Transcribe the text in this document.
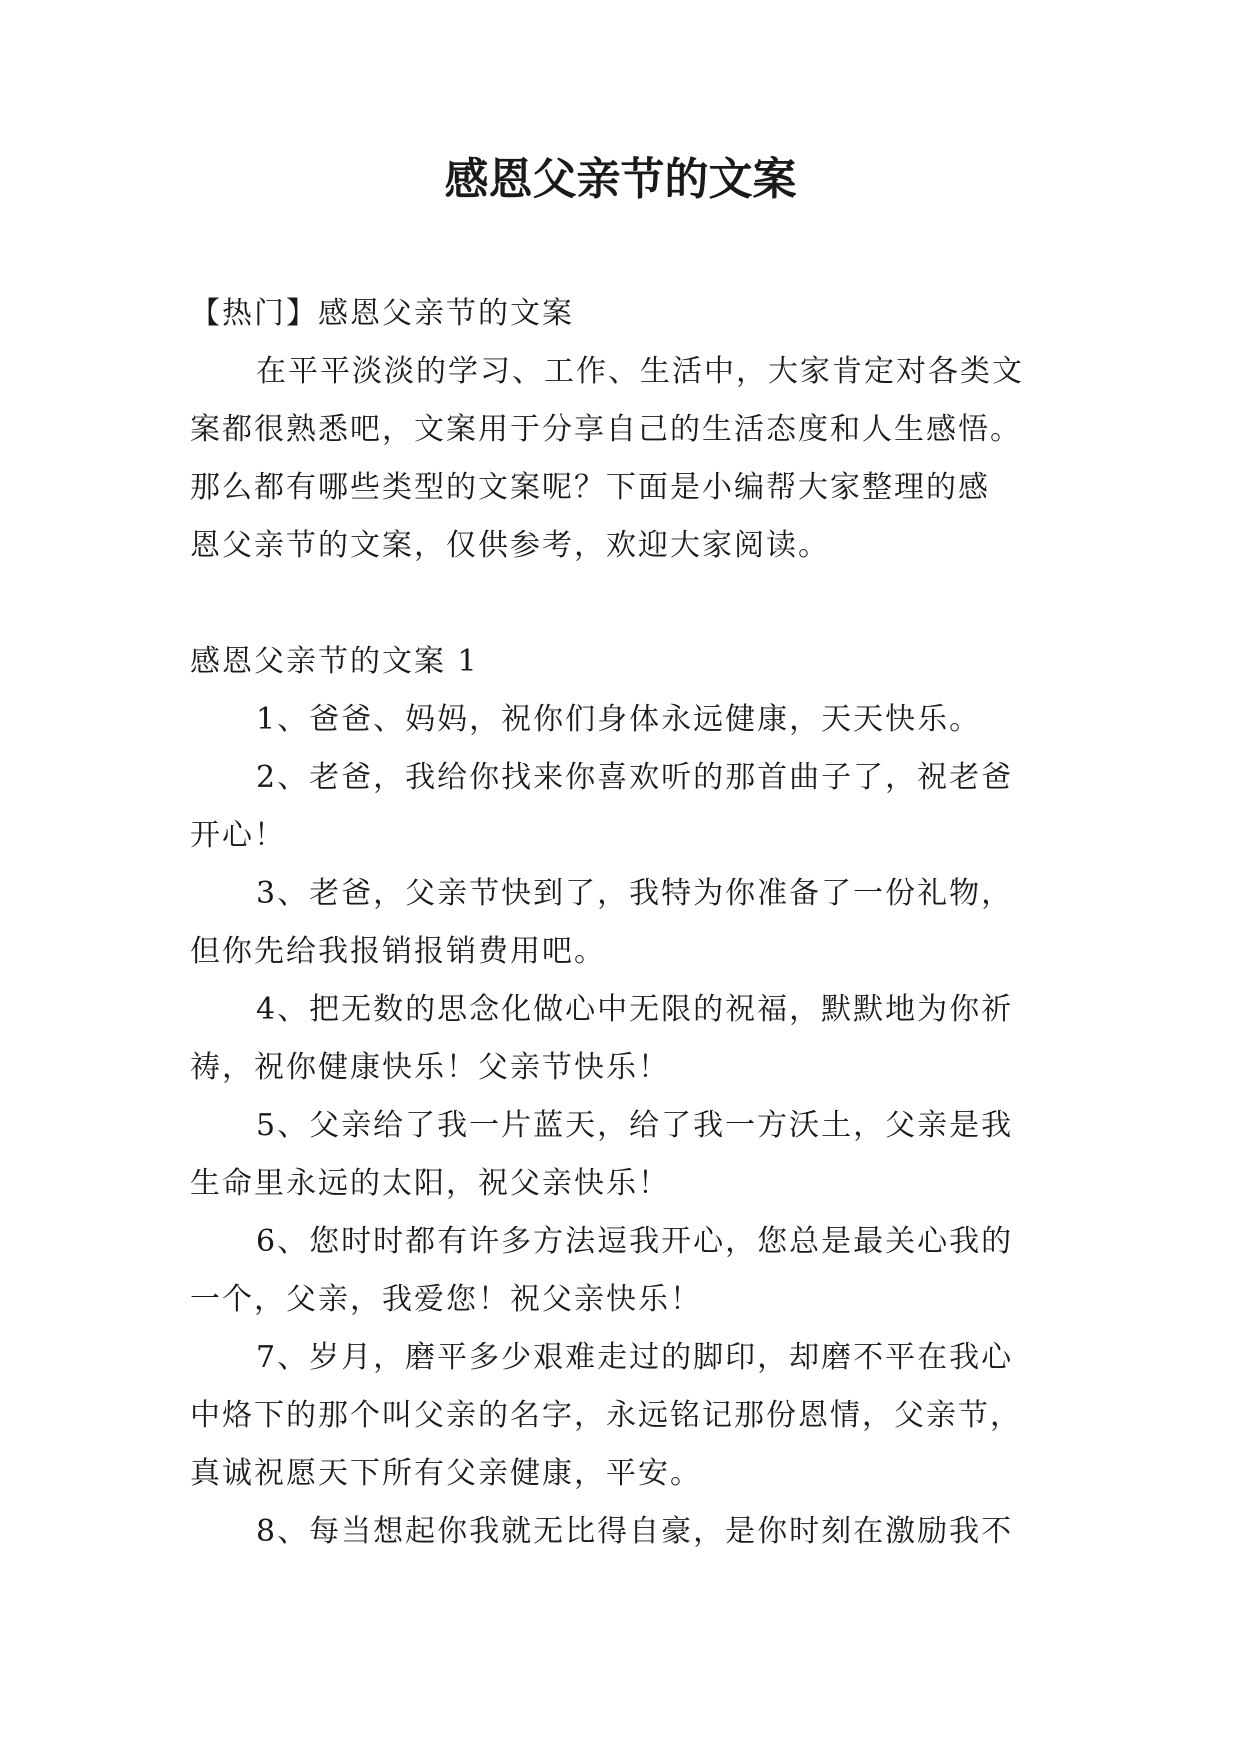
感恩父亲节的文案

【热门】感恩父亲节的文案

在平平淡淡的学习、工作、生活中，大家肯定对各类文

案都很熟悉吧，文案用于分享自己的生活态度和人生感悟。

那么都有哪些类型的文案呢？下面是小编帮大家整理的感

恩父亲节的文案，仅供参考，欢迎大家阅读。

感恩父亲节的文案 1

1、爸爸、妈妈，祝你们身体永远健康，天天快乐。

2、老爸，我给你找来你喜欢听的那首曲子了，祝老爸

开心！

3、老爸，父亲节快到了，我特为你准备了一份礼物，

但你先给我报销报销费用吧。

4、把无数的思念化做心中无限的祝福，默默地为你祈

祷，祝你健康快乐！父亲节快乐！

5、父亲给了我一片蓝天，给了我一方沃土，父亲是我

生命里永远的太阳，祝父亲快乐！

6、您时时都有许多方法逗我开心，您总是最关心我的

一个，父亲，我爱您！祝父亲快乐！

7、岁月，磨平多少艰难走过的脚印，却磨不平在我心

中烙下的那个叫父亲的名字，永远铭记那份恩情，父亲节，

真诚祝愿天下所有父亲健康，平安。

8、每当想起你我就无比得自豪，是你时刻在激励我不
